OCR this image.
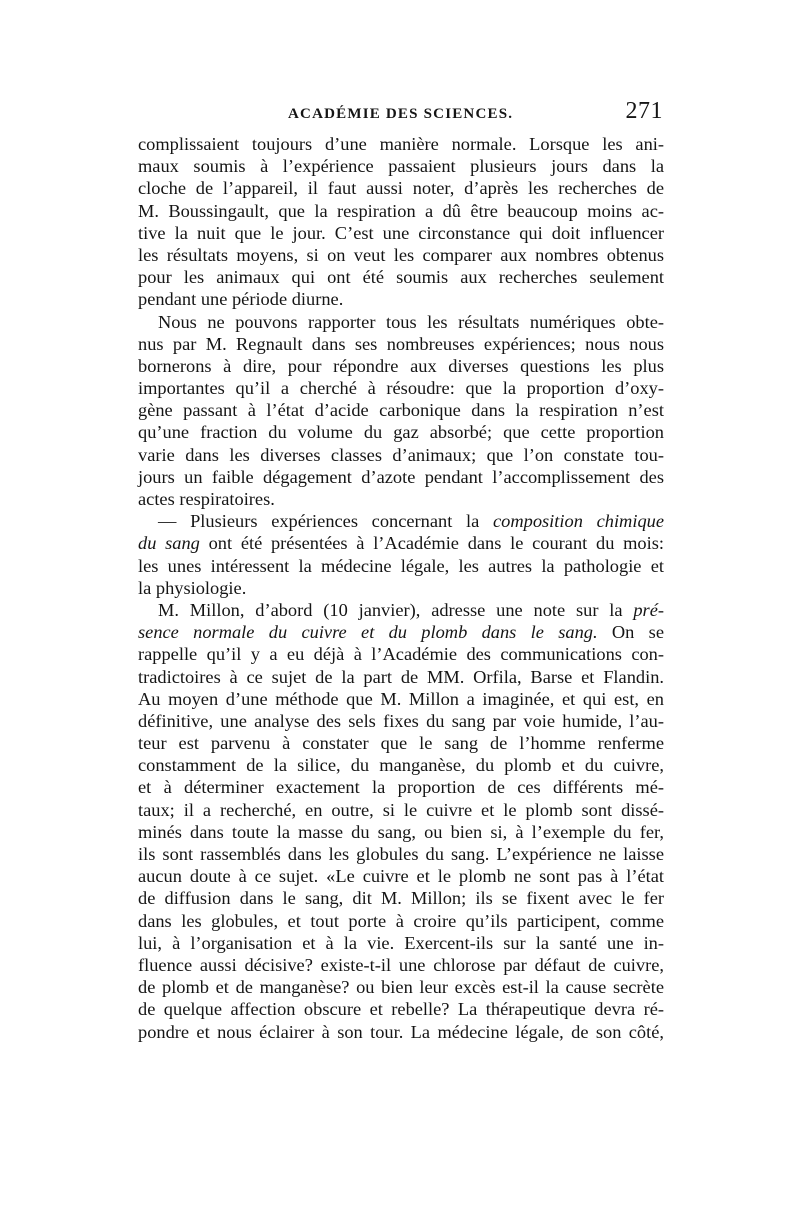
ACADÉMIE DES SCIENCES.	271
complissaient toujours d’une manière normale. Lorsque les ani-
maux soumis à l’expérience passaient plusieurs jours dans la
cloche de l’appareil, il faut aussi noter, d’après les recherches de
M. Boussingault, que la respiration a dû être beaucoup moins ac-
tive la nuit que le jour. C’est une circonstance qui doit influencer
les résultats moyens, si on veut les comparer aux nombres obtenus
pour les animaux qui ont été soumis aux recherches seulement
pendant une période diurne.
Nous ne pouvons rapporter tous les résultats numériques obte-
nus par M. Regnault dans ses nombreuses expériences; nous nous
bornerons à dire, pour répondre aux diverses questions les plus
importantes qu’il a cherché à résoudre: que la proportion d’oxy-
gène passant à l’état d’acide carbonique dans la respiration n’est
qu’une fraction du volume du gaz absorbé; que cette proportion
varie dans les diverses classes d’animaux; que l’on constate tou-
jours un faible dégagement d’azote pendant l’accomplissement des
actes respiratoires.
— Plusieurs expériences concernant la composition chimique
du sang ont été présentées à l’Académie dans le courant du mois:
les unes intéressent la médecine légale, les autres la pathologie et
la physiologie.
M. Millon, d’abord (10 janvier), adresse une note sur la pré-
sence normale du cuivre et du plomb dans le sang. On se
rappelle qu’il y a eu déjà à l’Académie des communications con-
tradictoires à ce sujet de la part de MM. Orfila, Barse et Flandin.
Au moyen d’une méthode que M. Millon a imaginée, et qui est, en
définitive, une analyse des sels fixes du sang par voie humide, l’au-
teur est parvenu à constater que le sang de l’homme renferme
constamment de la silice, du manganèse, du plomb et du cuivre,
et à déterminer exactement la proportion de ces différents mé-
taux; il a recherché, en outre, si le cuivre et le plomb sont dissé-
minés dans toute la masse du sang, ou bien si, à l’exemple du fer,
ils sont rassemblés dans les globules du sang. L’expérience ne laisse
aucun doute à ce sujet. «Le cuivre et le plomb ne sont pas à l’état
de diffusion dans le sang, dit M. Millon; ils se fixent avec le fer
dans les globules, et tout porte à croire qu’ils participent, comme
lui, à l’organisation et à la vie. Exercent-ils sur la santé une in-
fluence aussi décisive? existe-t-il une chlorose par défaut de cuivre,
de plomb et de manganèse? ou bien leur excès est-il la cause secrète
de quelque affection obscure et rebelle? La thérapeutique devra ré-
pondre et nous éclairer à son tour. La médecine légale, de son côté,
